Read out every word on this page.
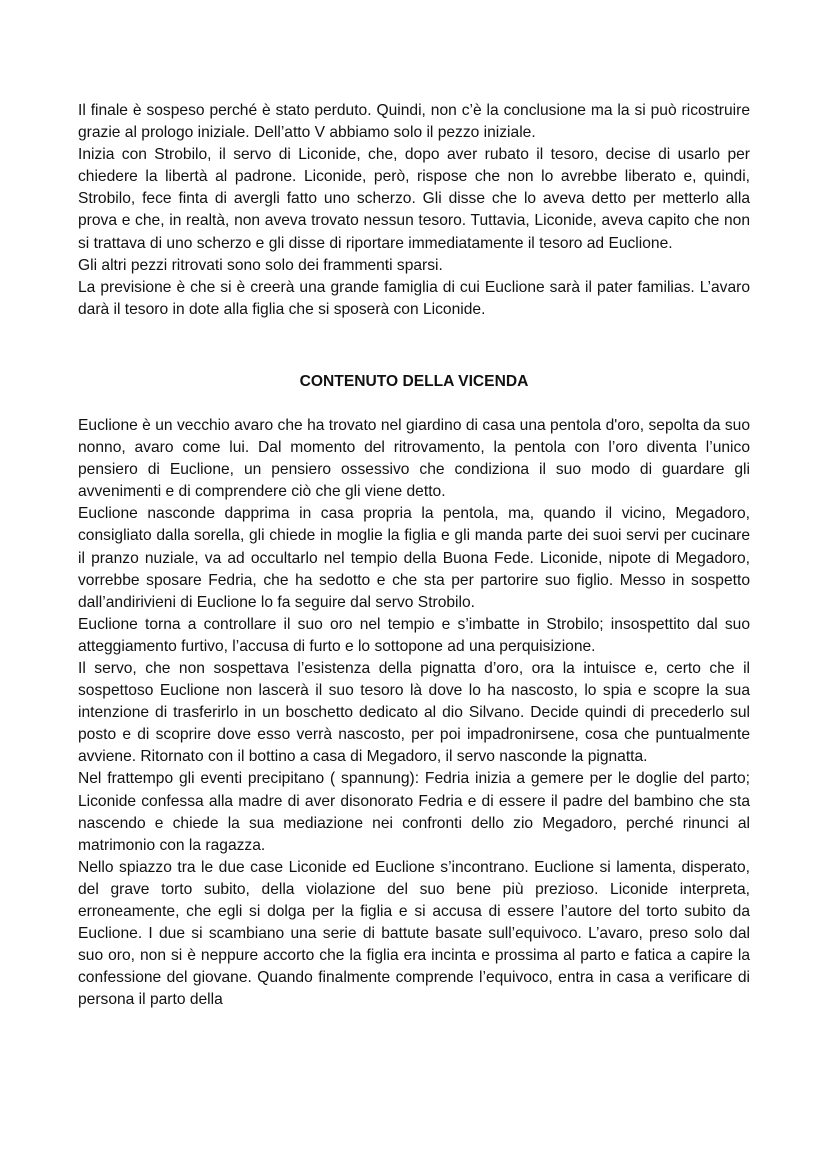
Il finale è sospeso perché è stato perduto. Quindi, non c’è la conclusione ma la si può ricostruire grazie al prologo iniziale. Dell’atto V abbiamo solo il pezzo iniziale.

Inizia con Strobilo, il servo di Liconide, che, dopo aver rubato il tesoro, decise di usarlo per chiedere la libertà al padrone. Liconide, però, rispose che non lo avrebbe liberato e, quindi, Strobilo, fece finta di avergli fatto uno scherzo. Gli disse che lo aveva detto per metterlo alla prova e che, in realtà, non aveva trovato nessun tesoro. Tuttavia, Liconide, aveva capito che non si trattava di uno scherzo e gli disse di riportare immediatamente il tesoro ad Euclione.

Gli altri pezzi ritrovati sono solo dei frammenti sparsi.

La previsione è che si è creerà una grande famiglia di cui Euclione sarà il pater familias. L’avaro darà il tesoro in dote alla figlia che si sposerà con Liconide.

CONTENUTO DELLA VICENDA

Euclione è un vecchio avaro che ha trovato nel giardino di casa una pentola d'oro, sepolta da suo nonno, avaro come lui. Dal momento del ritrovamento, la pentola con l’oro diventa l’unico pensiero di Euclione, un pensiero ossessivo che condiziona il suo modo di guardare gli avvenimenti e di comprendere ciò che gli viene detto.

Euclione nasconde dapprima in casa propria la pentola, ma, quando il vicino, Megadoro, consigliato dalla sorella, gli chiede in moglie la figlia e gli manda parte dei suoi servi per cucinare il pranzo nuziale, va ad occultarlo nel tempio della Buona Fede. Liconide, nipote di Megadoro, vorrebbe sposare Fedria, che ha sedotto e che sta per partorire suo figlio. Messo in sospetto dall’andirivieni di Euclione lo fa seguire dal servo Strobilo.

Euclione torna a controllare il suo oro nel tempio e s’imbatte in Strobilo; insospettito dal suo atteggiamento furtivo, l’accusa di furto e lo sottopone ad una perquisizione.

Il servo, che non sospettava l’esistenza della pignatta d’oro, ora la intuisce e, certo che il sospettoso Euclione non lascerà il suo tesoro là dove lo ha nascosto, lo spia e scopre la sua intenzione di trasferirlo in un boschetto dedicato al dio Silvano. Decide quindi di precederlo sul posto e di scoprire dove esso verrà nascosto, per poi impadronirsene, cosa che puntualmente avviene. Ritornato con il bottino a casa di Megadoro, il servo nasconde la pignatta.

Nel frattempo gli eventi precipitano ( spannung): Fedria inizia a gemere per le doglie del parto; Liconide confessa alla madre di aver disonorato Fedria e di essere il padre del bambino che sta nascendo e chiede la sua mediazione nei confronti dello zio Megadoro, perché rinunci al matrimonio con la ragazza.

Nello spiazzo tra le due case Liconide ed Euclione s’incontrano. Euclione si lamenta, disperato, del grave torto subito, della violazione del suo bene più prezioso. Liconide interpreta, erroneamente, che egli si dolga per la figlia e si accusa di essere l’autore del torto subito da Euclione. I due si scambiano una serie di battute basate sull’equivoco. L’avaro, preso solo dal suo oro, non si è neppure accorto che la figlia era incinta e prossima al parto e fatica a capire la confessione del giovane. Quando finalmente comprende l’equivoco, entra in casa a verificare di persona il parto della
